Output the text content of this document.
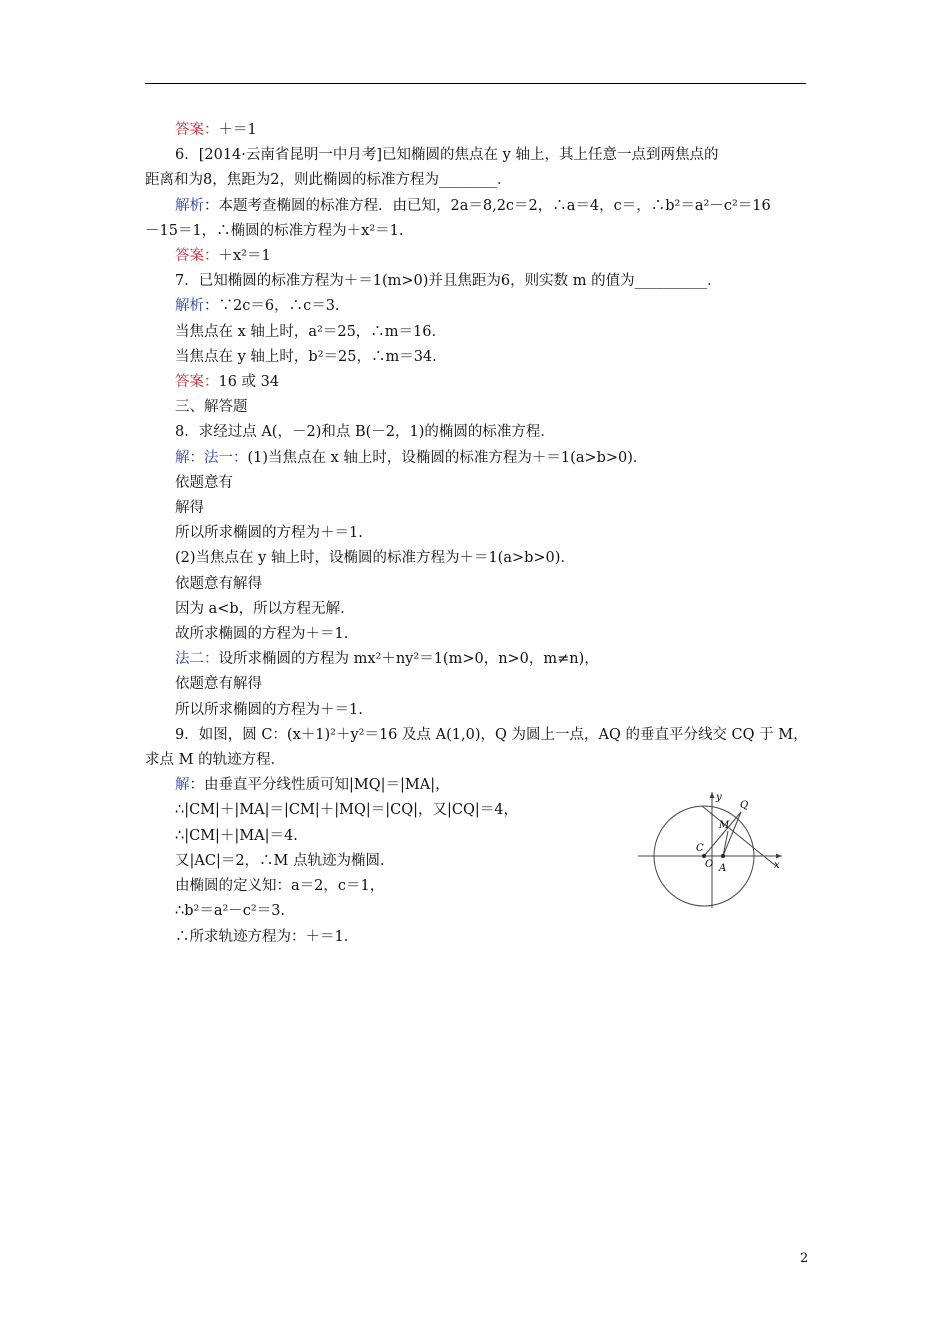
答案：＋＝1
6．[2014·云南省昆明一中月考]已知椭圆的焦点在 y 轴上，其上任意一点到两焦点的
距离和为8，焦距为2，则此椭圆的标准方程为________．
解析：本题考查椭圆的标准方程．由已知，2a＝8,2c＝2，∴a＝4，c＝，∴b²＝a²－c²＝16
－15＝1，∴椭圆的标准方程为＋x²＝1.
答案：＋x²＝1
7．已知椭圆的标准方程为＋＝1(m>0)并且焦距为6，则实数 m 的值为__________．
解析：∵2c＝6，∴c＝3.
当焦点在 x 轴上时，a²＝25，∴m＝16.
当焦点在 y 轴上时，b²＝25，∴m＝34.
答案：16 或 34
三、解答题
8．求经过点 A(，－2)和点 B(－2，1)的椭圆的标准方程．
解：法一：(1)当焦点在 x 轴上时，设椭圆的标准方程为＋＝1(a>b>0)．
依题意有
解得
所以所求椭圆的方程为＋＝1.
(2)当焦点在 y 轴上时，设椭圆的标准方程为＋＝1(a>b>0)．
依题意有解得
因为 a<b，所以方程无解．
故所求椭圆的方程为＋＝1.
法二：设所求椭圆的方程为 mx²＋ny²＝1(m>0，n>0，m≠n)，
依题意有解得
所以所求椭圆的方程为＋＝1.
9．如图，圆 C：(x＋1)²＋y²＝16 及点 A(1,0)，Q 为圆上一点，AQ 的垂直平分线交 CQ 于 M，
求点 M 的轨迹方程．
解：由垂直平分线性质可知|MQ|＝|MA|，
∴|CM|＋|MA|＝|CM|＋|MQ|＝|CQ|，又|CQ|＝4，
∴|CM|＋|MA|＝4.
又|AC|＝2，∴M 点轨迹为椭圆．
由椭圆的定义知：a＝2，c＝1，
∴b²＝a²－c²＝3.
∴所求轨迹方程为：＋＝1.
y
x
Q
M
C
O A
2
